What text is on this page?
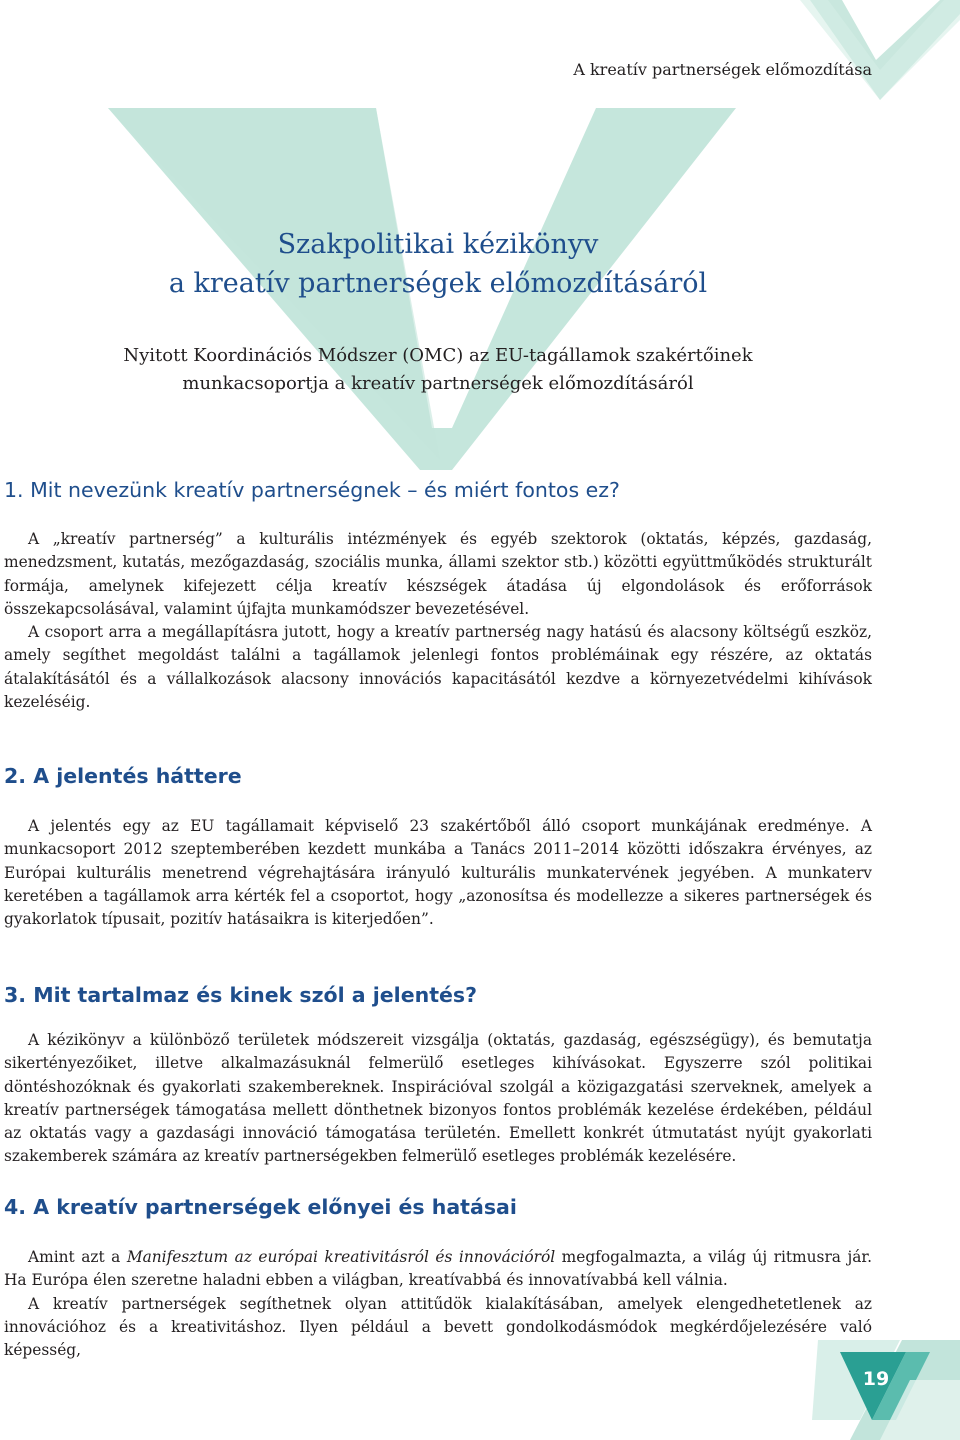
A kreatív partnerségek előmozdítása
Szakpolitikai kézikönyv
a kreatív partnerségek előmozdításáról
Nyitott Koordinációs Módszer (OMC) az EU-tagállamok szakértőinek
munkacsoportja a kreatív partnerségek előmozdításáról
1. Mit nevezünk kreatív partnerségnek – és miért fontos ez?

A „kreatív partnerség” a kulturális intézmények és egyéb szektorok (oktatás, képzés, gazdaság, menedzsment, kutatás, mezőgazdaság, szociális munka, állami szektor stb.) közötti együttműködés strukturált formája, amelynek kifejezett célja kreatív készségek átadása új elgondolások és erőforrások összekapcsolásával, valamint újfajta munkamódszer bevezetésével.

A csoport arra a megállapításra jutott, hogy a kreatív partnerség nagy hatású és alacsony költségű eszköz, amely segíthet megoldást találni a tagállamok jelenlegi fontos problémáinak egy részére, az oktatás átalakításától és a vállalkozások alacsony innovációs kapacitásától kezdve a környezetvédelmi kihívások kezeléséig.

2. A jelentés háttere

A jelentés egy az EU tagállamait képviselő 23 szakértőből álló csoport munkájának eredménye. A munkacsoport 2012 szeptemberében kezdett munkába a Tanács 2011–2014 közötti időszakra érvényes, az Európai kulturális menetrend végrehajtására irányuló kulturális munkatervének jegyében. A munkaterv keretében a tagállamok arra kérték fel a csoportot, hogy „azonosítsa és modellezze a sikeres partnerségek és gyakorlatok típusait, pozitív hatásaikra is kiterjedően”.

3. Mit tartalmaz és kinek szól a jelentés?

A kézikönyv a különböző területek módszereit vizsgálja (oktatás, gazdaság, egészségügy), és bemutatja sikertényezőiket, illetve alkalmazásuknál felmerülő esetleges kihívásokat. Egyszerre szól politikai döntéshozóknak és gyakorlati szakembereknek. Inspirációval szolgál a közigazgatási szerveknek, amelyek a kreatív partnerségek támogatása mellett dönthetnek bizonyos fontos problémák kezelése érdekében, például az oktatás vagy a gazdasági innováció támogatása területén. Emellett konkrét útmutatást nyújt gyakorlati szakemberek számára az kreatív partnerségekben felmerülő esetleges problémák kezelésére.

4. A kreatív partnerségek előnyei és hatásai

Amint azt a Manifesztum az európai kreativitásról és innovációról megfogalmazta, a világ új ritmusra jár. Ha Európa élen szeretne haladni ebben a világban, kreatívabbá és innovatívabbá kell válnia.

A kreatív partnerségek segíthetnek olyan attitűdök kialakításában, amelyek elengedhetetlenek az innovációhoz és a kreativitáshoz. Ilyen például a bevett gondolkodásmódok megkérdőjelezésére való képesség,

19
